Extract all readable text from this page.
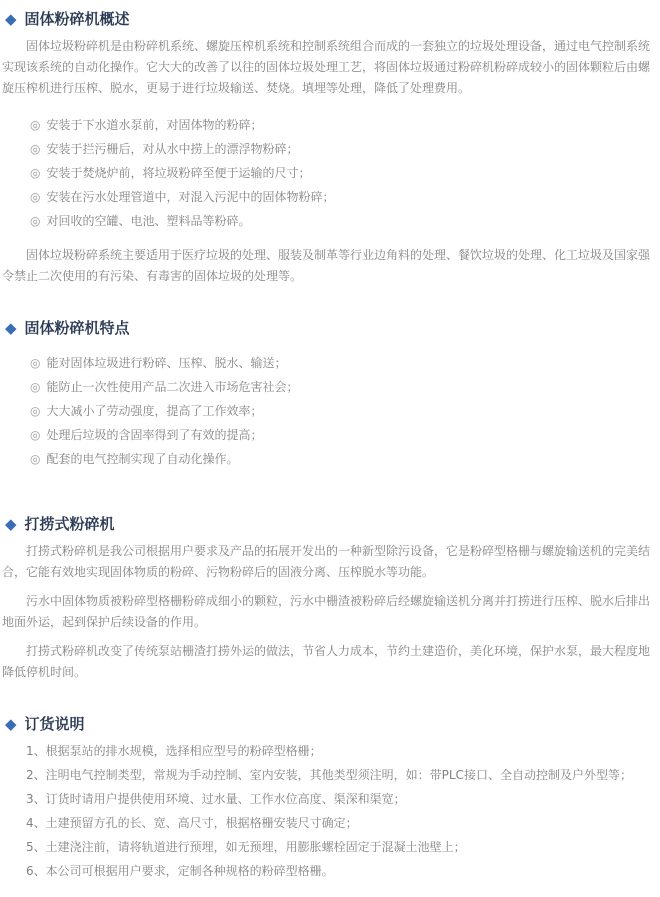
◆ 固体粉碎机概述

固体垃圾粉碎机是由粉碎机系统、螺旋压榨机系统和控制系统组合而成的一套独立的垃圾处理设备，通过电气控制系统实现该系统的自动化操作。它大大的改善了以往的固体垃圾处理工艺，将固体垃圾通过粉碎机粉碎成较小的固体颗粒后由螺旋压榨机进行压榨、脱水，更易于进行垃圾输送、焚烧。填埋等处理，降低了处理费用。

◎ 安装于下水道水泵前，对固体物的粉碎；
◎ 安装于拦污栅后，对从水中捞上的漂浮物粉碎；
◎ 安装于焚烧炉前，将垃圾粉碎至便于运输的尺寸；
◎ 安装在污水处理管道中，对混入污泥中的固体物粉碎；
◎ 对回收的空罐、电池、塑料品等粉碎。

固体垃圾粉碎系统主要适用于医疗垃圾的处理、服装及制革等行业边角料的处理、餐饮垃圾的处理、化工垃圾及国家强令禁止二次使用的有污染、有毒害的固体垃圾的处理等。

◆ 固体粉碎机特点
◎ 能对固体垃圾进行粉碎、压榨、脱水、输送；
◎ 能防止一次性使用产品二次进入市场危害社会；
◎ 大大减小了劳动强度，提高了工作效率；
◎ 处理后垃圾的含固率得到了有效的提高；
◎ 配套的电气控制实现了自动化操作。
◆ 打捞式粉碎机

打捞式粉碎机是我公司根据用户要求及产品的拓展开发出的一种新型除污设备，它是粉碎型格栅与螺旋输送机的完美结合，它能有效地实现固体物质的粉碎、污物粉碎后的固液分离、压榨脱水等功能。

污水中固体物质被粉碎型格栅粉碎成细小的颗粒，污水中栅渣被粉碎后经螺旋输送机分离并打捞进行压榨、脱水后排出地面外运，起到保护后续设备的作用。

打捞式粉碎机改变了传统泵站栅渣打捞外运的做法，节省人力成本，节约土建造价，美化环境，保护水泵，最大程度地降低停机时间。

◆ 订货说明
1、根据泵站的排水规模，选择相应型号的粉碎型格栅；
2、注明电气控制类型，常规为手动控制、室内安装，其他类型须注明，如：带PLC接口、全自动控制及户外型等；
3、订货时请用户提供使用环境、过水量、工作水位高度、渠深和渠宽；
4、土建预留方孔的长、宽、高尺寸，根据格栅安装尺寸确定；
5、土建浇注前，请将轨道进行预埋，如无预埋，用膨胀螺栓固定于混凝土池壁上；
6、本公司可根据用户要求，定制各种规格的粉碎型格栅。
